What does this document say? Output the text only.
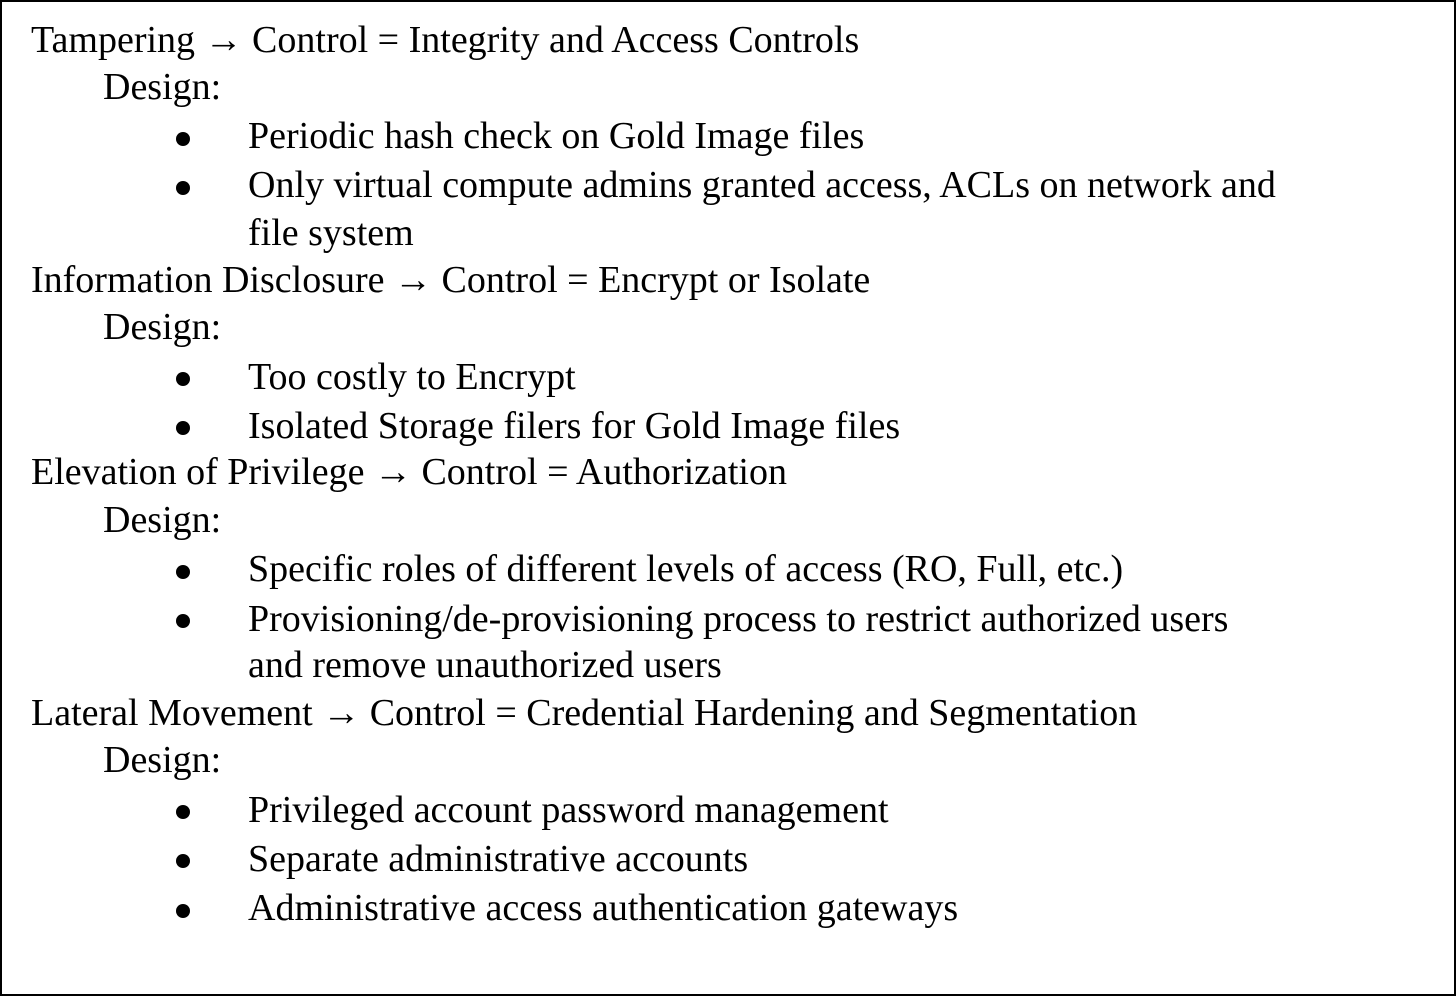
Tampering → Control = Integrity and Access Controls
Design:
Periodic hash check on Gold Image files
Only virtual compute admins granted access, ACLs on network and
file system
Information Disclosure → Control = Encrypt or Isolate
Design:
Too costly to Encrypt
Isolated Storage filers for Gold Image files
Elevation of Privilege → Control = Authorization
Design:
Specific roles of different levels of access (RO, Full, etc.)
Provisioning/de-provisioning process to restrict authorized users
and remove unauthorized users
Lateral Movement → Control = Credential Hardening and Segmentation
Design:
Privileged account password management
Separate administrative accounts
Administrative access authentication gateways
